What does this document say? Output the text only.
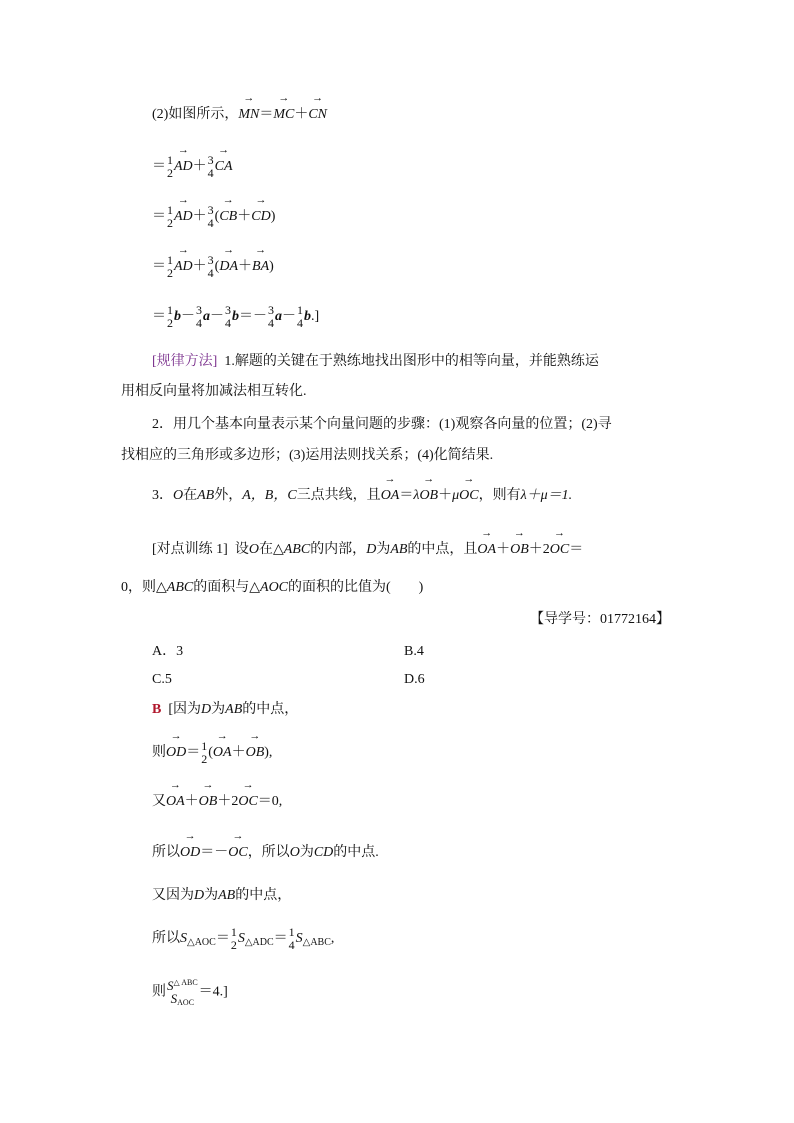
(2)如图所示，→ MN＝→ MC＋→ CN
＝ 1
2 → AD＋ 3
4 → CA
＝ 1
2 → AD＋ 3
4 (→ CB＋→ CD)
＝ 1
2 → AD＋ 3
4 (→ DA＋→ BA)
＝ 1
2 b－ 3
4 a－ 3
4 b＝－ 3
4 a－ 1
4 b.]
[规律方法]  1.解题的关键在于熟练地找出图形中的相等向量，并能熟练运
用相反向量将加减法相互转化.
2．用几个基本向量表示某个向量问题的步骤：(1)观察各向量的位置；(2)寻
找相应的三角形或多边形；(3)运用法则找关系；(4)化简结果.
3．O在AB外，A，B，C三点共线，且→ OA＝λ→ OB＋μ→ OC，则有λ＋μ＝1.
[对点训练 1]  设O在△ABC的内部，D为AB的中点，且→ OA＋→ OB＋2→ OC＝
0，则△ABC的面积与△AOC的面积的比值为(　　)
【导学号：01772164】
A．3	B.4
C.5	D.6
B  [因为D为AB的中点，
则→ OD＝ 1
2 (→ OA＋→ OB),
又→ OA＋→ OB＋2→ OC＝0,
所以→ OD＝－→ OC，所以O为CD的中点.
又因为D为AB的中点，
所以$S_{\triangle AOC}= 1$
2 $S_{\triangle ADC}= 1$
4 $S_{\triangle ABC}$,
则 $S^{\triangle ABC}$
SAOC
＝4.]
